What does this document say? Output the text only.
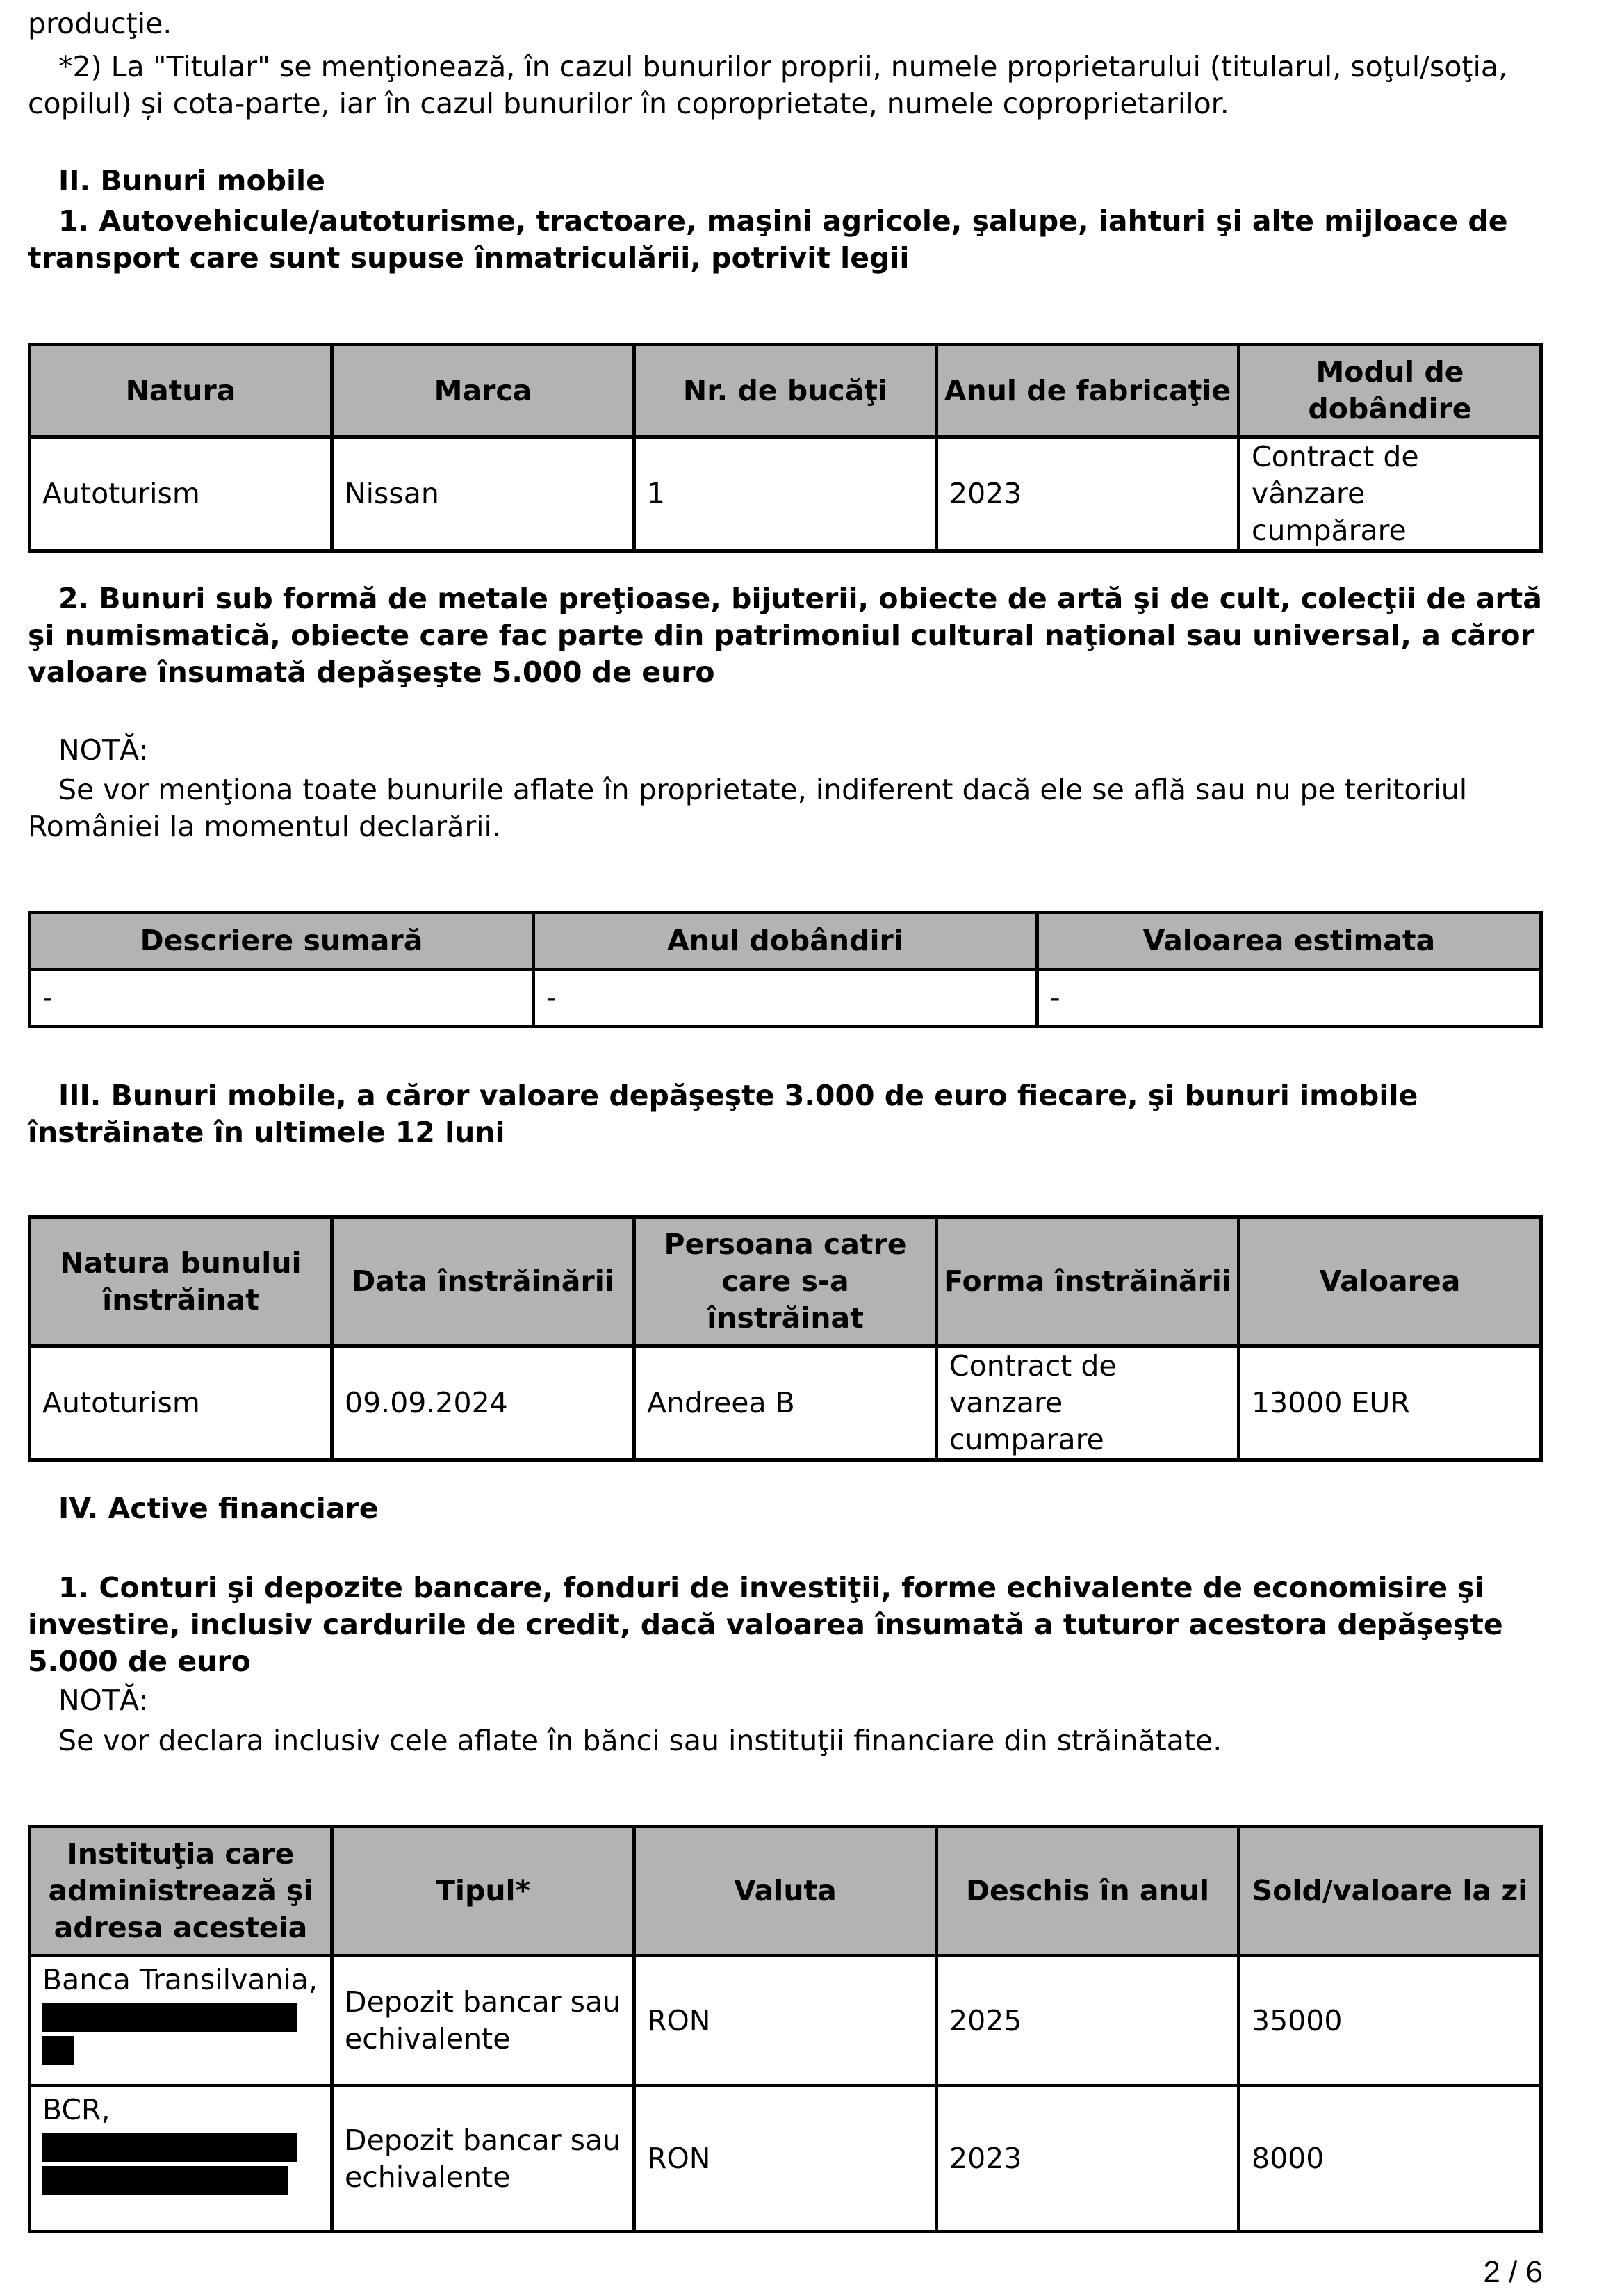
producţie.

*2) La "Titular" se menţionează, în cazul bunurilor proprii, numele proprietarului (titularul, soţul/soţia, copilul) și cota-parte, iar în cazul bunurilor în coproprietate, numele coproprietarilor.

II. Bunuri mobile

1. Autovehicule/autoturisme, tractoare, maşini agricole, şalupe, iahturi şi alte mijloace de transport care sunt supuse înmatriculării, potrivit legii

Natura	Marca	Nr. de bucăţi	Anul de fabricaţie	Modul de dobândire
Autoturism	Nissan	1	2023	Contract de vânzare cumpărare

2. Bunuri sub formă de metale preţioase, bijuterii, obiecte de artă şi de cult, colecţii de artă şi numismatică, obiecte care fac parte din patrimoniul cultural naţional sau universal, a căror valoare însumată depăşeşte 5.000 de euro

NOTĂ:

Se vor menţiona toate bunurile aflate în proprietate, indiferent dacă ele se află sau nu pe teritoriul României la momentul declarării.

Descriere sumară	Anul dobândiri	Valoarea estimata
-	-	-

III. Bunuri mobile, a căror valoare depăşeşte 3.000 de euro fiecare, şi bunuri imobile înstrăinate în ultimele 12 luni

Natura bunului înstrăinat	Data înstrăinării	Persoana catre care s-a înstrăinat	Forma înstrăinării	Valoarea
Autoturism	09.09.2024	Andreea B	Contract de vanzare cumparare	13000 EUR

IV. Active financiare

1. Conturi şi depozite bancare, fonduri de investiţii, forme echivalente de economisire şi investire, inclusiv cardurile de credit, dacă valoarea însumată a tuturor acestora depăşeşte 5.000 de euro

NOTĂ:

Se vor declara inclusiv cele aflate în bănci sau instituţii financiare din străinătate.

Instituţia care administrează şi adresa acesteia	Tipul*	Valuta	Deschis în anul	Sold/valoare la zi
Banca Transilvania,	Depozit bancar sau echivalente	RON	2025	35000
BCR,	Depozit bancar sau echivalente	RON	2023	8000
2 / 6
